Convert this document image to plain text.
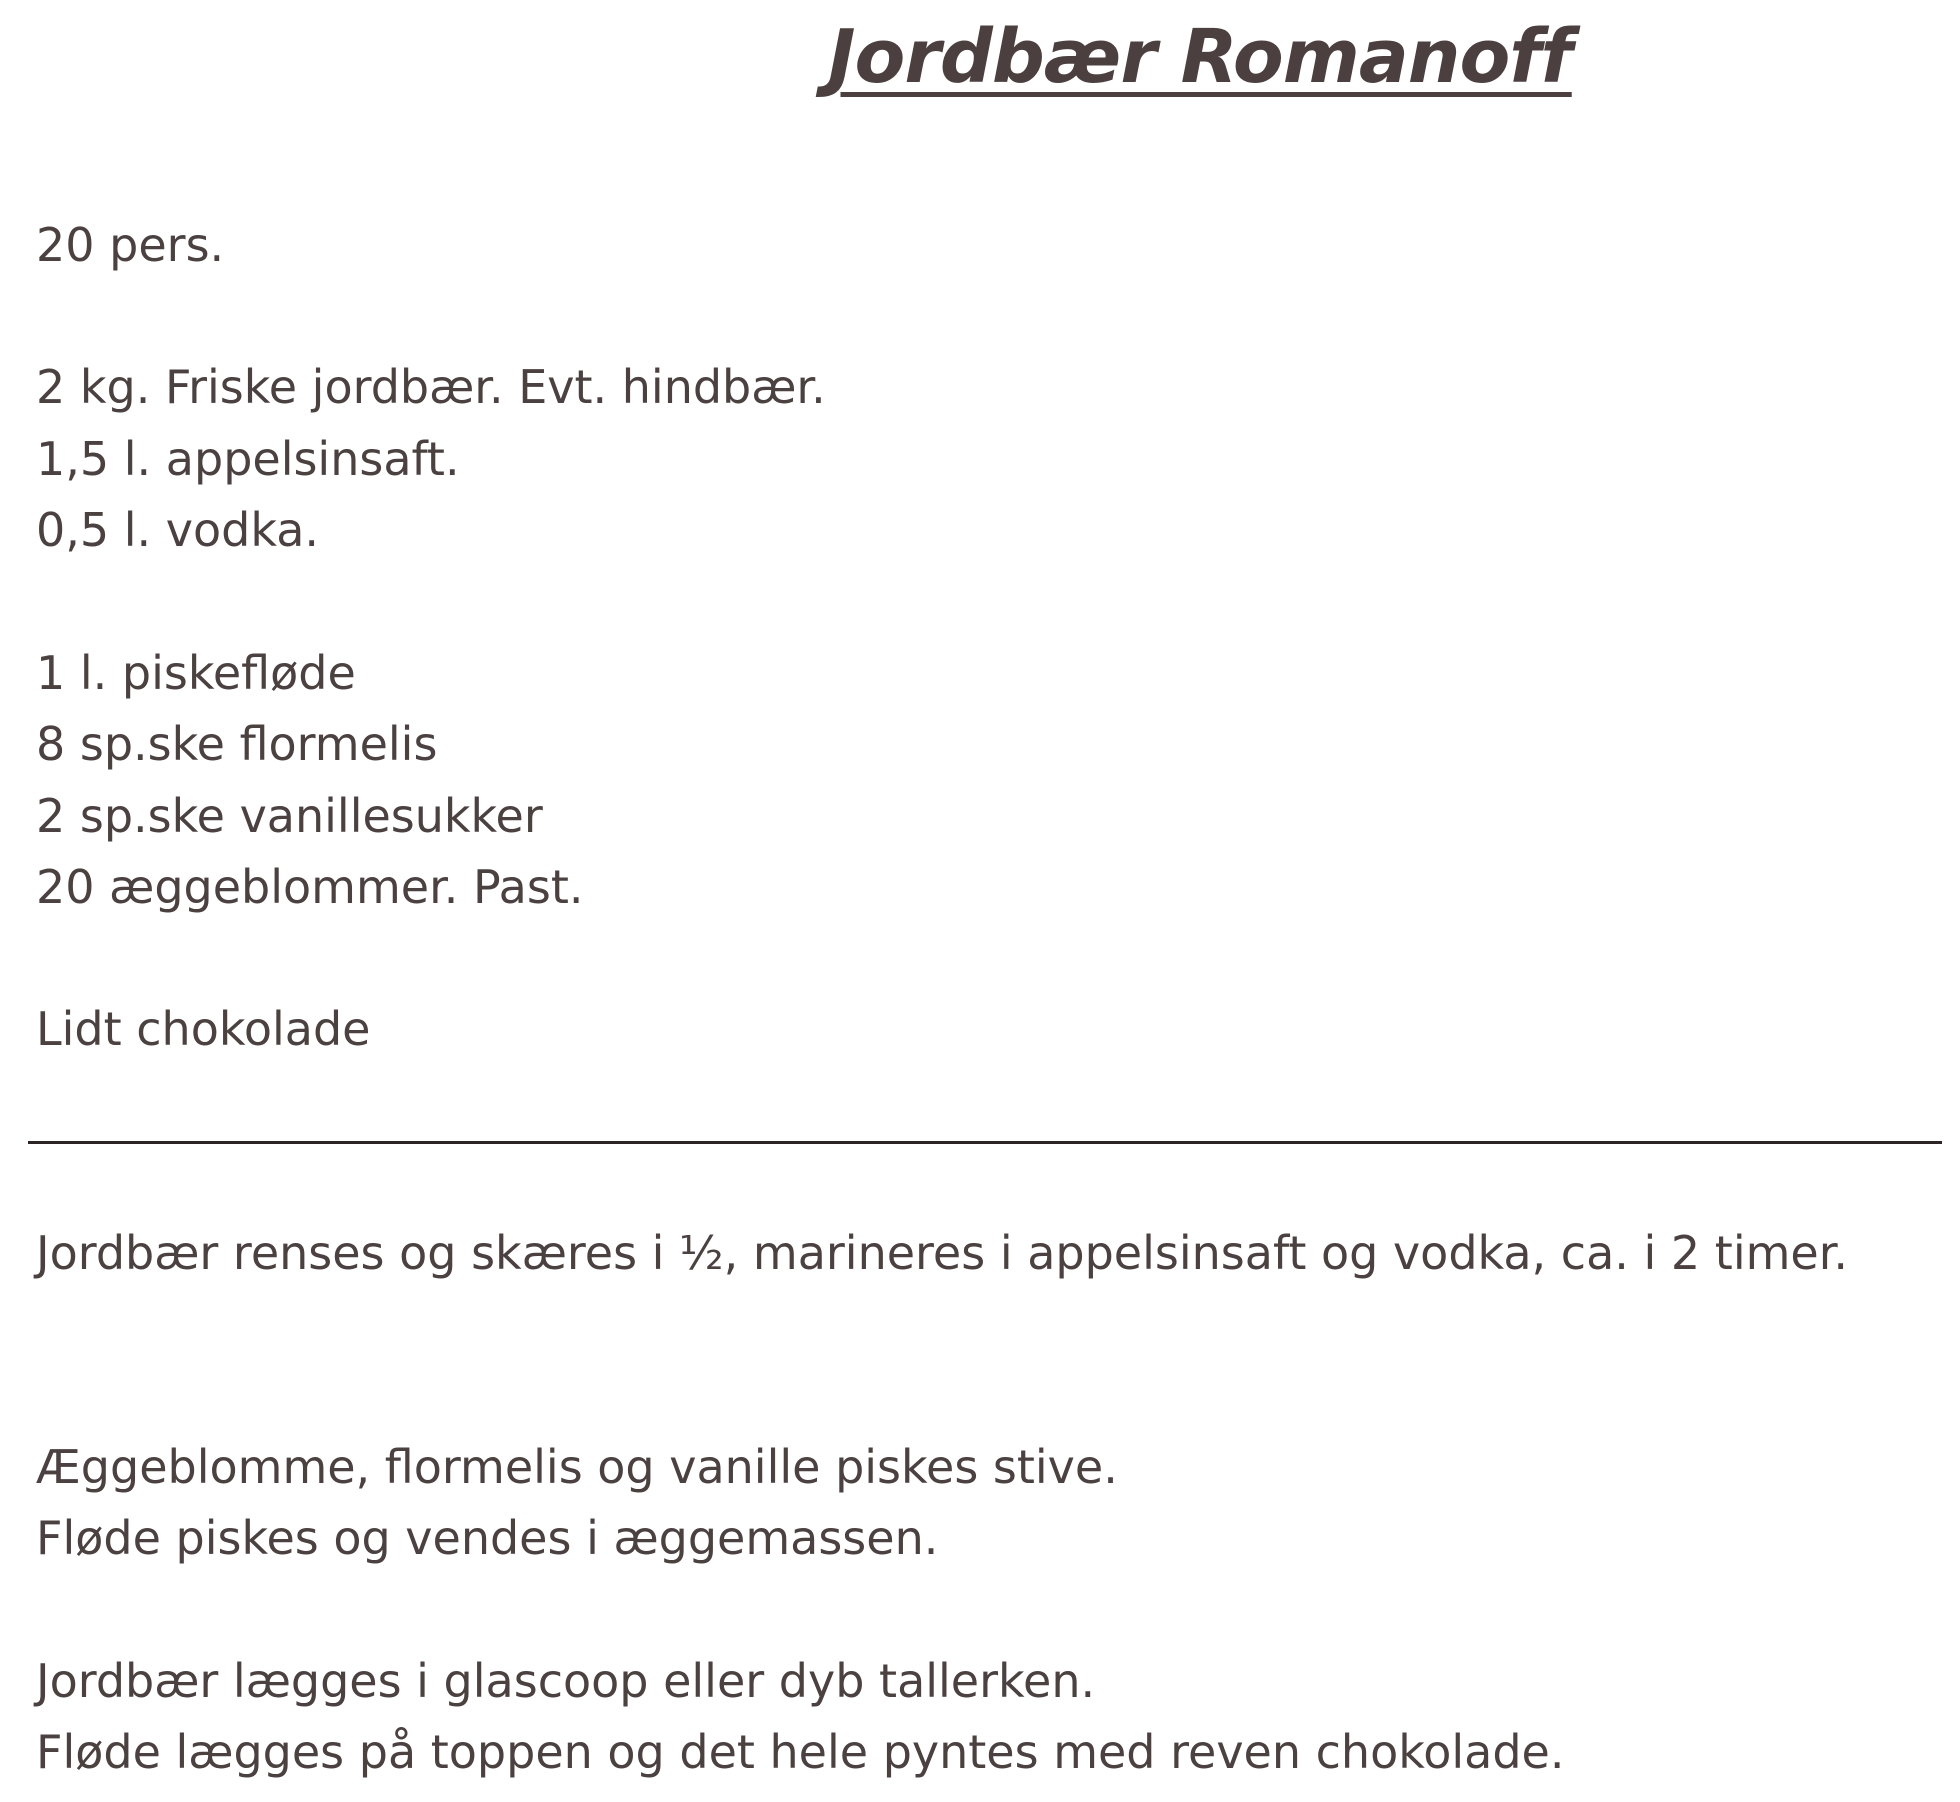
Jordbær Romanoff

20 pers.

2 kg. Friske jordbær. Evt. hindbær.

1,5 l. appelsinsaft.

0,5 l. vodka.

1 l. piskefløde

8 sp.ske flormelis

2 sp.ske vanillesukker

20 æggeblommer. Past.

Lidt chokolade

Jordbær renses og skæres i ½, marineres i appelsinsaft og vodka, ca. i 2 timer.

Æggeblomme, flormelis og vanille piskes stive.

Fløde piskes og vendes i æggemassen.

Jordbær lægges i glascoop eller dyb tallerken.

Fløde lægges på toppen og det hele pyntes med reven chokolade.
